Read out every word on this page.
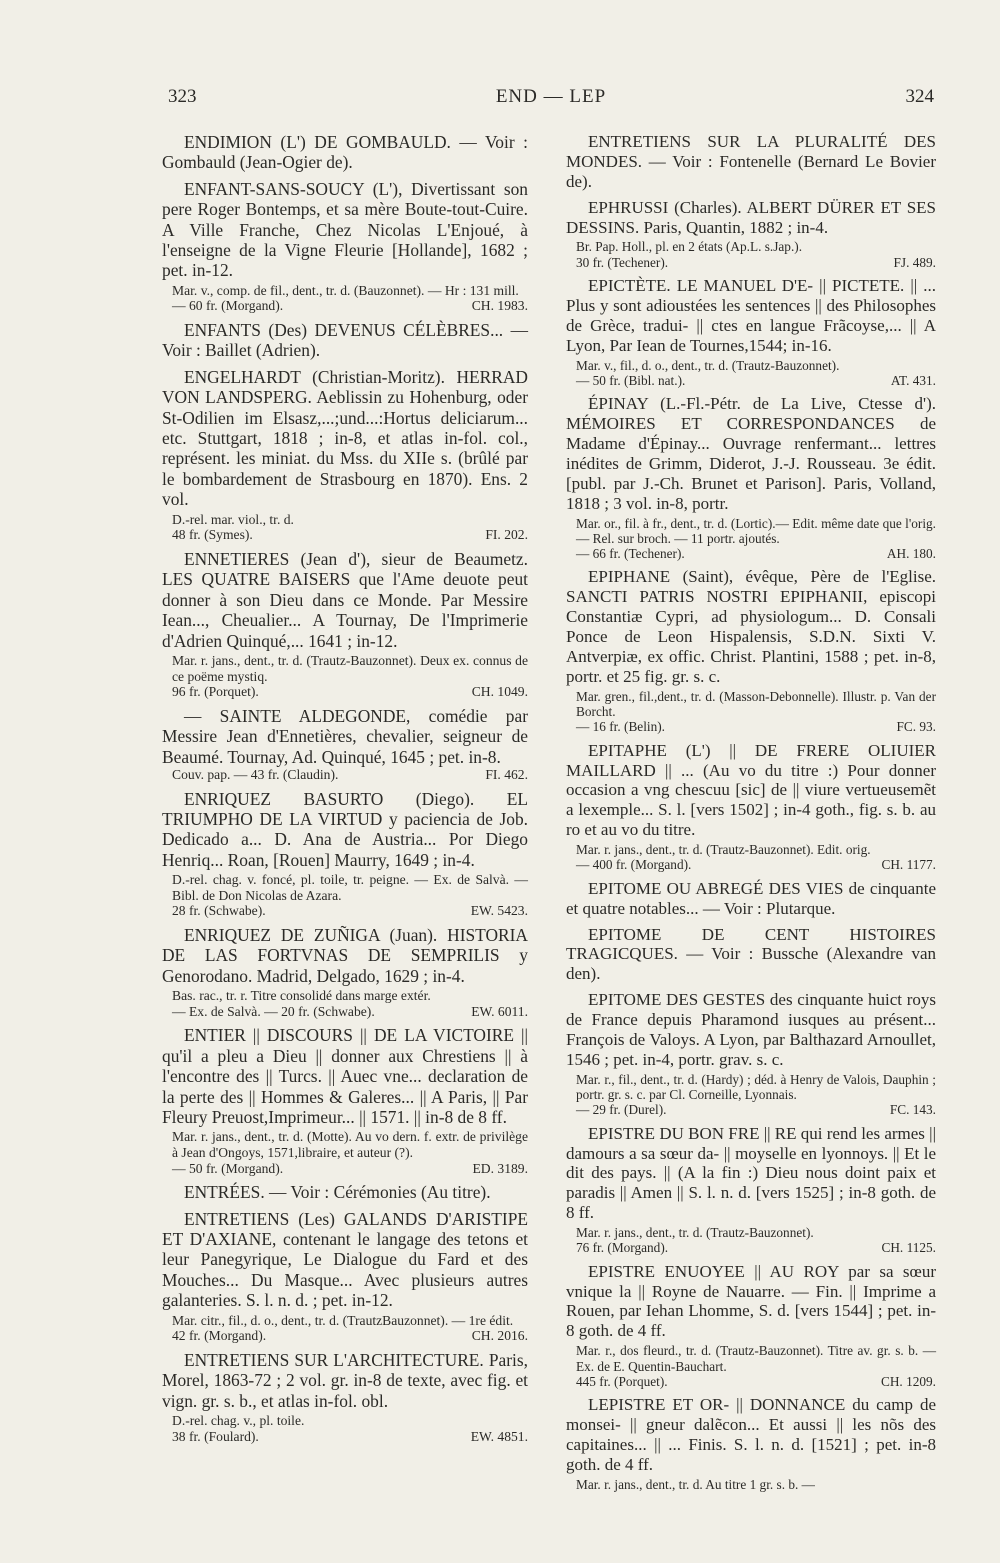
323	END — LEP	324

ENDIMION (L') DE GOMBAULD. — Voir : Gombauld (Jean-Ogier de).

ENFANT-SANS-SOUCY (L'), Divertissant son pere Roger Bontemps, et sa mère Boute-tout-Cuire. A Ville Franche, Chez Nicolas L'Enjoué, à l'enseigne de la Vigne Fleurie [Hollande], 1682 ; pet. in-12.

Mar. v., comp. de fil., dent., tr. d. (Bauzonnet). — Hr : 131 mill.

— 60 fr. (Morgand).	CH. 1983.

ENFANTS (Des) DEVENUS CÉLÈBRES... — Voir : Baillet (Adrien).

ENGELHARDT (Christian-Moritz). HERRAD VON LANDSPERG. Aeblissin zu Hohenburg, oder St-Odilien im Elsasz,...;und...:Hortus deliciarum... etc. Stuttgart, 1818 ; in-8, et atlas in-fol. col., représent. les miniat. du Mss. du XIIe s. (brûlé par le bombardement de Strasbourg en 1870). Ens. 2 vol.

D.-rel. mar. viol., tr. d.

48 fr. (Symes).	FI. 202.

ENNETIERES (Jean d'), sieur de Beaumetz. LES QUATRE BAISERS que l'Ame deuote peut donner à son Dieu dans ce Monde. Par Messire Iean..., Cheualier... A Tournay, De l'Imprimerie d'Adrien Quinqué,... 1641 ; in-12.

Mar. r. jans., dent., tr. d. (Trautz-Bauzonnet). Deux ex. connus de ce poëme mystiq.

96 fr. (Porquet).	CH. 1049.

— SAINTE ALDEGONDE, comédie par Messire Jean d'Ennetières, chevalier, seigneur de Beaumé. Tournay, Ad. Quinqué, 1645 ; pet. in-8.

Couv. pap. — 43 fr. (Claudin).	FI. 462.

ENRIQUEZ BASURTO (Diego). EL TRIUMPHO DE LA VIRTUD y paciencia de Job. Dedicado a... D. Ana de Austria... Por Diego Henriq... Roan, [Rouen] Maurry, 1649 ; in-4.

D.-rel. chag. v. foncé, pl. toile, tr. peigne. — Ex. de Salvà. — Bibl. de Don Nicolas de Azara.

28 fr. (Schwabe).	EW. 5423.

ENRIQUEZ DE ZUÑIGA (Juan). HISTORIA DE LAS FORTVNAS DE SEMPRILIS y Genorodano. Madrid, Delgado, 1629 ; in-4.

Bas. rac., tr. r. Titre consolidé dans marge extér.

— Ex. de Salvà. — 20 fr. (Schwabe).	EW. 6011.

ENTIER || DISCOURS || DE LA VICTOIRE || qu'il a pleu a Dieu || donner aux Chrestiens || à l'encontre des || Turcs. || Auec vne... declaration de la perte des || Hommes & Galeres... || A Paris, || Par Fleury Preuost,Imprimeur... || 1571. || in-8 de 8 ff.

Mar. r. jans., dent., tr. d. (Motte). Au vo dern. f. extr. de privilège à Jean d'Ongoys, 1571,libraire, et auteur (?).

— 50 fr. (Morgand).	ED. 3189.

ENTRÉES. — Voir : Cérémonies (Au titre).

ENTRETIENS (Les) GALANDS D'ARISTIPE ET D'AXIANE, contenant le langage des tetons et leur Panegyrique, Le Dialogue du Fard et des Mouches... Du Masque... Avec plusieurs autres galanteries. S. l. n. d. ; pet. in-12.

Mar. citr., fil., d. o., dent., tr. d. (TrautzBauzonnet). — 1re édit.

42 fr. (Morgand).	CH. 2016.

ENTRETIENS SUR L'ARCHITECTURE. Paris, Morel, 1863-72 ; 2 vol. gr. in-8 de texte, avec fig. et vign. gr. s. b., et atlas in-fol. obl.

D.-rel. chag. v., pl. toile.

38 fr. (Foulard).	EW. 4851.

ENTRETIENS SUR LA PLURALITÉ DES MONDES. — Voir : Fontenelle (Bernard Le Bovier de).

EPHRUSSI (Charles). ALBERT DÜRER ET SES DESSINS. Paris, Quantin, 1882 ; in-4.

Br. Pap. Holl., pl. en 2 états (Ap.L. s.Jap.).

30 fr. (Techener).	FJ. 489.

EPICTÈTE. LE MANUEL D'E- || PICTETE. || ... Plus y sont adioustées les sentences || des Philosophes de Grèce, tradui- || ctes en langue Frãcoyse,... || A Lyon, Par Iean de Tournes,1544; in-16.

Mar. v., fil., d. o., dent., tr. d. (Trautz-Bauzonnet).

— 50 fr. (Bibl. nat.).	AT. 431.

ÉPINAY (L.-Fl.-Pétr. de La Live, Ctesse d'). MÉMOIRES ET CORRESPONDANCES de Madame d'Épinay... Ouvrage renfermant... lettres inédites de Grimm, Diderot, J.-J. Rousseau. 3e édit. [publ. par J.-Ch. Brunet et Parison]. Paris, Volland, 1818 ; 3 vol. in-8, portr.

Mar. or., fil. à fr., dent., tr. d. (Lortic).— Edit. même date que l'orig. — Rel. sur broch. — 11 portr. ajoutés.

— 66 fr. (Techener).	AH. 180.

EPIPHANE (Saint), évêque, Père de l'Eglise. SANCTI PATRIS NOSTRI EPIPHANII, episcopi Constantiæ Cypri, ad physiologum... D. Consali Ponce de Leon Hispalensis, S.D.N. Sixti V. Antverpiæ, ex offic. Christ. Plantini, 1588 ; pet. in-8, portr. et 25 fig. gr. s. c.

Mar. gren., fil.,dent., tr. d. (Masson-Debonnelle). Illustr. p. Van der Borcht.

— 16 fr. (Belin).	FC. 93.

EPITAPHE (L') || DE FRERE OLIUIER MAILLARD || ... (Au vo du titre :) Pour donner occasion a vng chescuu [sic] de || viure vertueusemẽt a lexemple... S. l. [vers 1502] ; in-4 goth., fig. s. b. au ro et au vo du titre.

Mar. r. jans., dent., tr. d. (Trautz-Bauzonnet). Edit. orig.

— 400 fr. (Morgand).	CH. 1177.

EPITOME OU ABREGÉ DES VIES de cinquante et quatre notables... — Voir : Plutarque.

EPITOME DE CENT HISTOIRES TRAGICQUES. — Voir : Bussche (Alexandre van den).

EPITOME DES GESTES des cinquante huict roys de France depuis Pharamond iusques au présent... François de Valoys. A Lyon, par Balthazard Arnoullet, 1546 ; pet. in-4, portr. grav. s. c.

Mar. r., fil., dent., tr. d. (Hardy) ; déd. à Henry de Valois, Dauphin ; portr. gr. s. c. par Cl. Corneille, Lyonnais.

— 29 fr. (Durel).	FC. 143.

EPISTRE DU BON FRE || RE qui rend les armes || damours a sa sœur da- || moyselle en lyonnoys. || Et le dit des pays. || (A la fin :) Dieu nous doint paix et paradis || Amen || S. l. n. d. [vers 1525] ; in-8 goth. de 8 ff.

Mar. r. jans., dent., tr. d. (Trautz-Bauzonnet).

76 fr. (Morgand).	CH. 1125.

EPISTRE ENUOYEE || AU ROY par sa sœur vnique la || Royne de Nauarre. — Fin. || Imprime a Rouen, par Iehan Lhomme, S. d. [vers 1544] ; pet. in-8 goth. de 4 ff.

Mar. r., dos fleurd., tr. d. (Trautz-Bauzonnet). Titre av. gr. s. b. — Ex. de E. Quentin-Bauchart.

445 fr. (Porquet).	CH. 1209.

LEPISTRE ET OR- || DONNANCE du camp de monsei- || gneur dalẽcon... Et aussi || les nõs des capitaines... || ... Finis. S. l. n. d. [1521] ; pet. in-8 goth. de 4 ff.

Mar. r. jans., dent., tr. d. Au titre 1 gr. s. b. —
